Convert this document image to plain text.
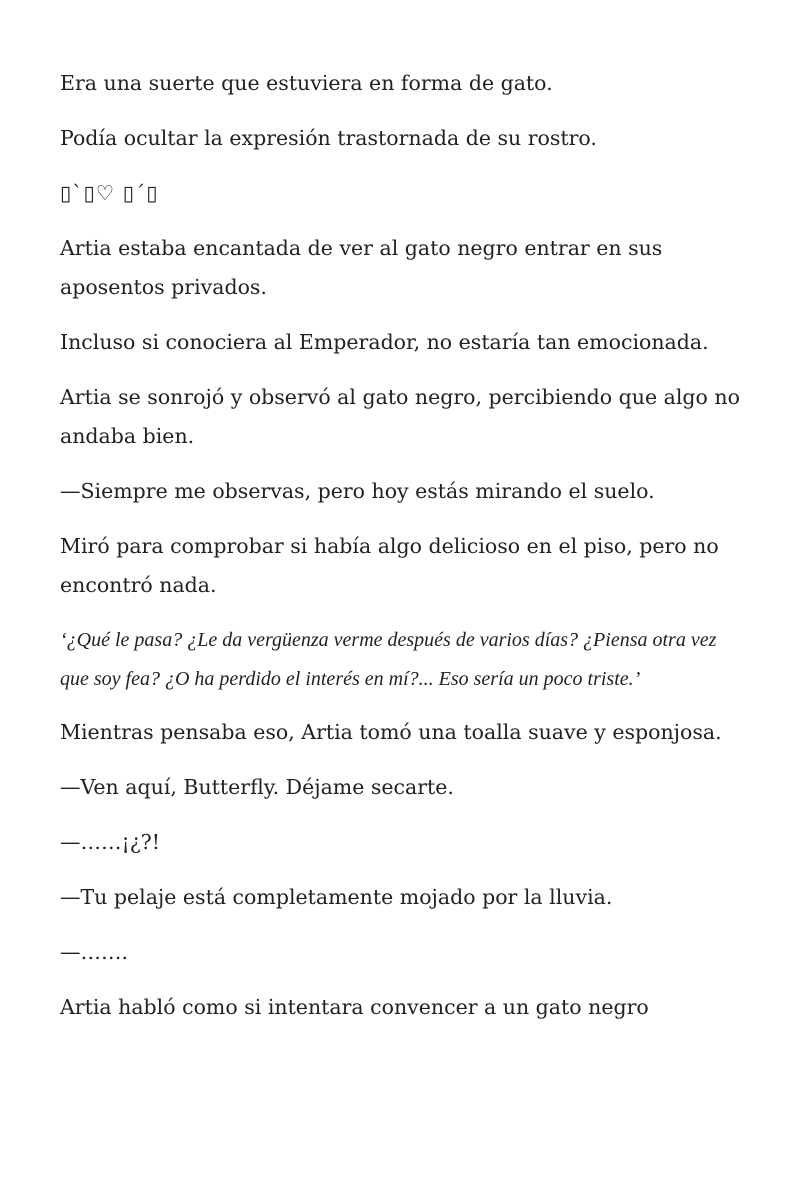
Era una suerte que estuviera en forma de gato.

Podía ocultar la expresión trastornada de su rostro.

▯`▯♡ ▯´▯

Artia estaba encantada de ver al gato negro entrar en sus aposentos privados.

Incluso si conociera al Emperador, no estaría tan emocionada.

Artia se sonrojó y observó al gato negro, percibiendo que algo no andaba bien.

—Siempre me observas, pero hoy estás mirando el suelo.

Miró para comprobar si había algo delicioso en el piso, pero no encontró nada.

‘¿Qué le pasa? ¿Le da vergüenza verme después de varios días? ¿Piensa otra vez que soy fea? ¿O ha perdido el interés en mí?... Eso sería un poco triste.’

Mientras pensaba eso, Artia tomó una toalla suave y esponjosa.

—Ven aquí, Butterfly. Déjame secarte.

—……¡¿?!

—Tu pelaje está completamente mojado por la lluvia.

—…….

Artia habló como si intentara convencer a un gato negro
